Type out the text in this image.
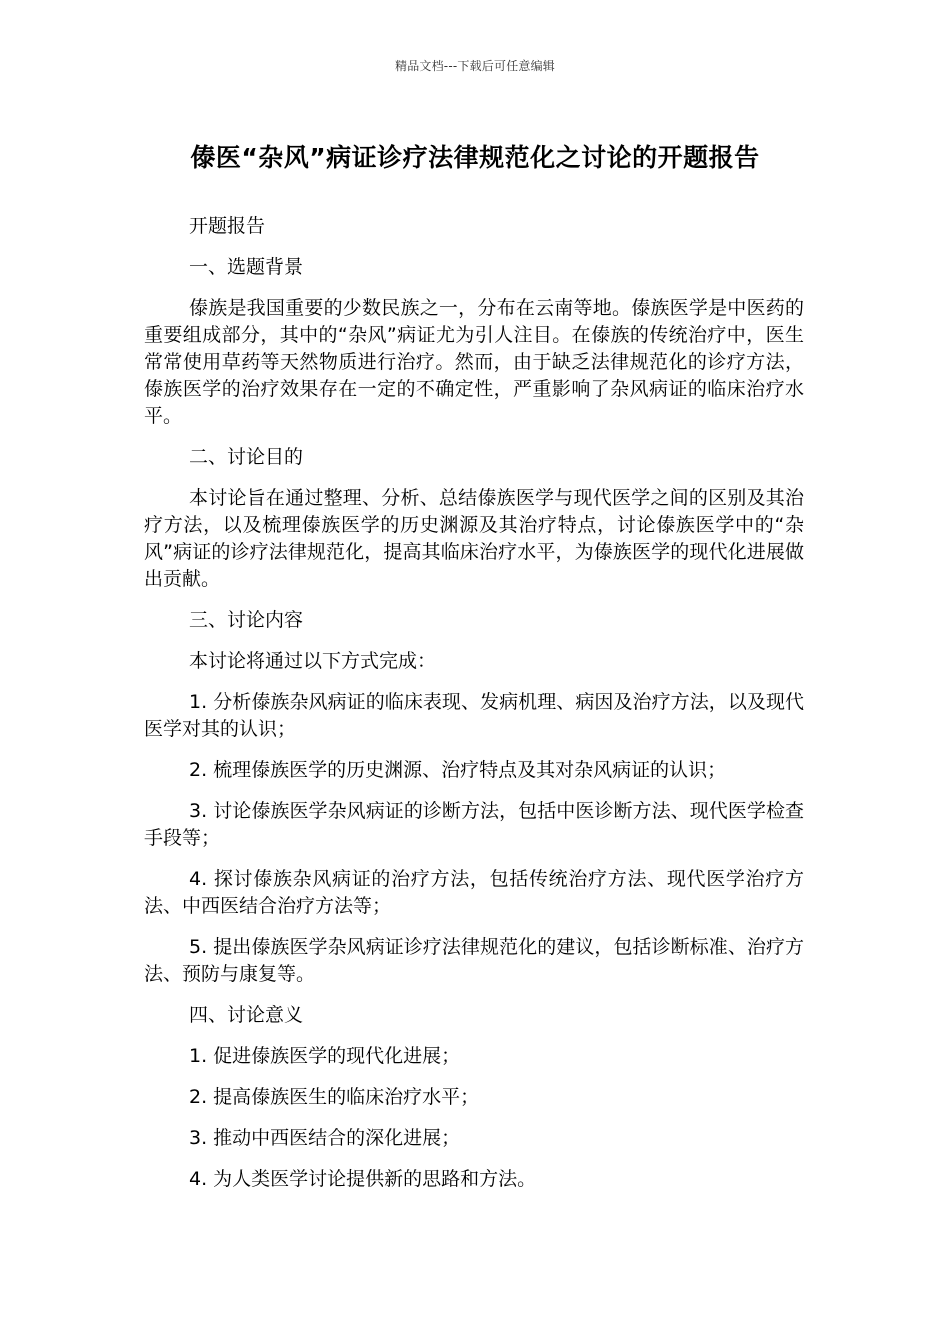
精品文档---下载后可任意编辑
傣医“杂风”病证诊疗法律规范化之讨论的开题报告

开题报告

一、选题背景

傣族是我国重要的少数民族之一，分布在云南等地。傣族医学是中医药的重要组成部分，其中的“杂风”病证尤为引人注目。在傣族的传统治疗中，医生常常使用草药等天然物质进行治疗。然而，由于缺乏法律规范化的诊疗方法，傣族医学的治疗效果存在一定的不确定性，严重影响了杂风病证的临床治疗水平。

二、讨论目的

本讨论旨在通过整理、分析、总结傣族医学与现代医学之间的区别及其治疗方法，以及梳理傣族医学的历史渊源及其治疗特点，讨论傣族医学中的“杂风”病证的诊疗法律规范化，提高其临床治疗水平，为傣族医学的现代化进展做出贡献。

三、讨论内容

本讨论将通过以下方式完成：

1. 分析傣族杂风病证的临床表现、发病机理、病因及治疗方法，以及现代医学对其的认识；

2. 梳理傣族医学的历史渊源、治疗特点及其对杂风病证的认识；

3. 讨论傣族医学杂风病证的诊断方法，包括中医诊断方法、现代医学检查手段等；

4. 探讨傣族杂风病证的治疗方法，包括传统治疗方法、现代医学治疗方法、中西医结合治疗方法等；

5. 提出傣族医学杂风病证诊疗法律规范化的建议，包括诊断标准、治疗方法、预防与康复等。

四、讨论意义

1. 促进傣族医学的现代化进展；

2. 提高傣族医生的临床治疗水平；

3. 推动中西医结合的深化进展；

4. 为人类医学讨论提供新的思路和方法。
